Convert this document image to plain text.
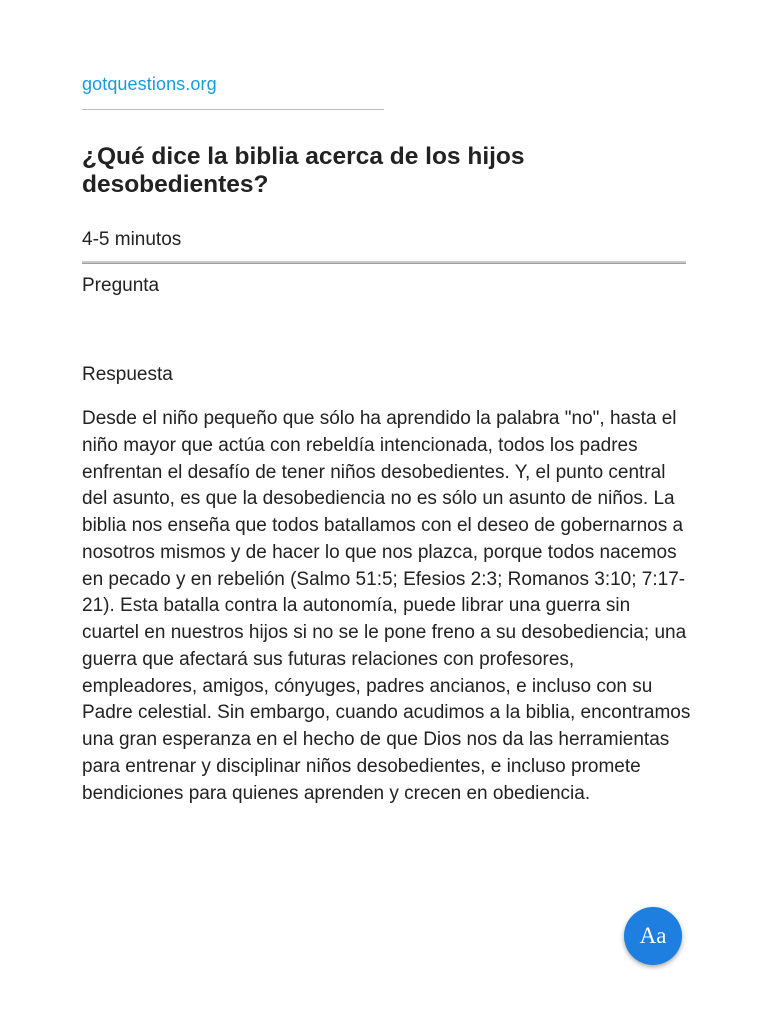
gotquestions.org
¿Qué dice la biblia acerca de los hijos desobedientes?
4-5 minutos
Pregunta
Respuesta

Desde el niño pequeño que sólo ha aprendido la palabra "no", hasta el niño mayor que actúa con rebeldía intencionada, todos los padres enfrentan el desafío de tener niños desobedientes. Y, el punto central del asunto, es que la desobediencia no es sólo un asunto de niños. La biblia nos enseña que todos batallamos con el deseo de gobernarnos a nosotros mismos y de hacer lo que nos plazca, porque todos nacemos en pecado y en rebelión (Salmo 51:5; Efesios 2:3; Romanos 3:10; 7:17-21). Esta batalla contra la autonomía, puede librar una guerra sin cuartel en nuestros hijos si no se le pone freno a su desobediencia; una guerra que afectará sus futuras relaciones con profesores, empleadores, amigos, cónyuges, padres ancianos, e incluso con su Padre celestial. Sin embargo, cuando acudimos a la biblia, encontramos una gran esperanza en el hecho de que Dios nos da las herramientas para entrenar y disciplinar niños desobedientes, e incluso promete bendiciones para quienes aprenden y crecen en obediencia.

Aa
